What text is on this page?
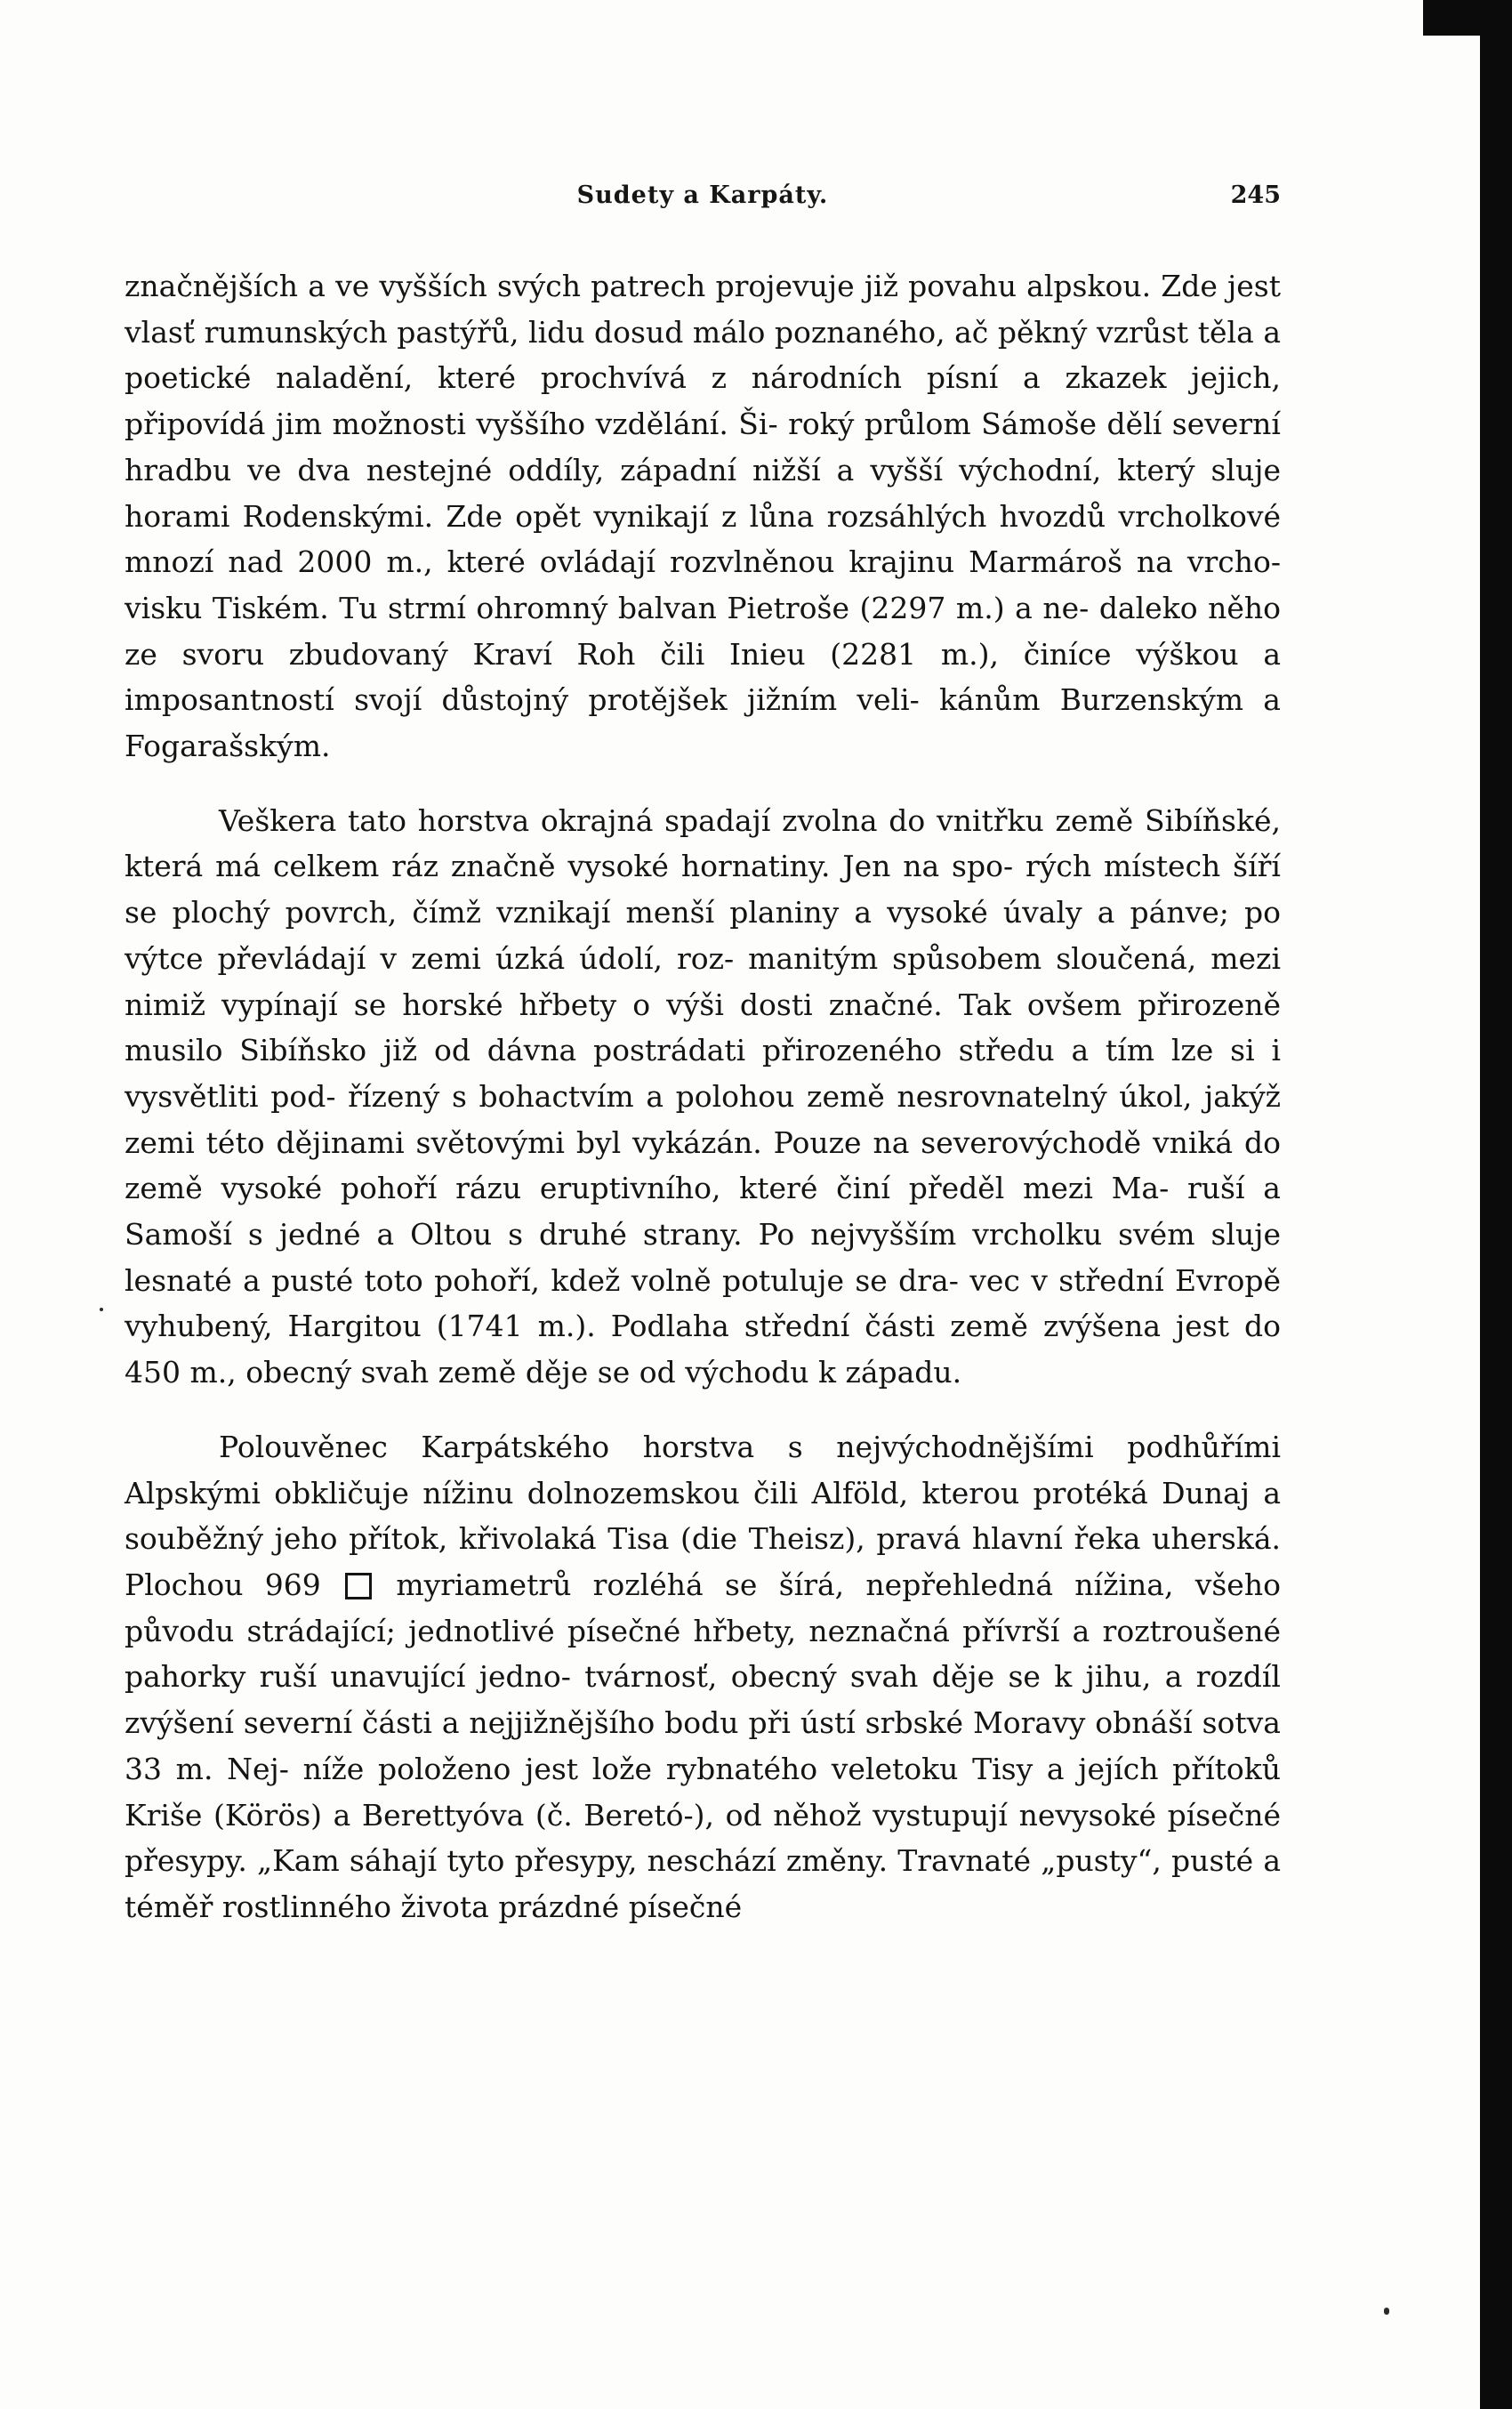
Sudety a Karpáty.	245

značnějších a ve vyšších svých patrech projevuje již povahu alpskou. Zde jest vlasť rumunských pastýřů, lidu dosud málo poznaného, ač pěkný vzrůst těla a poetické naladění, které prochvívá z národních písní a zkazek jejich, připovídá jim možnosti vyššího vzdělání. Ši- roký průlom Sámoše dělí severní hradbu ve dva nestejné oddíly, západní nižší a vyšší východní, který sluje horami Rodenskými. Zde opět vynikají z lůna rozsáhlých hvozdů vrcholkové mnozí nad 2000 m., které ovládají rozvlněnou krajinu Marmároš na vrcho- visku Tiském. Tu strmí ohromný balvan Pietroše (2297 m.) a ne- daleko něho ze svoru zbudovaný Kraví Roh čili Inieu (2281 m.), činíce výškou a imposantností svojí důstojný protějšek jižním veli- kánům Burzenským a Fogarašským.

Veškera tato horstva okrajná spadají zvolna do vnitřku země Sibíňské, která má celkem ráz značně vysoké hornatiny. Jen na spo- rých místech šíří se plochý povrch, čímž vznikají menší planiny a vysoké úvaly a pánve; po výtce převládají v zemi úzká údolí, roz- manitým spůsobem sloučená, mezi nimiž vypínají se horské hřbety o výši dosti značné. Tak ovšem přirozeně musilo Sibíňsko již od dávna postrádati přirozeného středu a tím lze si i vysvětliti pod- řízený s bohactvím a polohou země nesrovnatelný úkol, jakýž zemi této dějinami světovými byl vykázán. Pouze na severovýchodě vniká do země vysoké pohoří rázu eruptivního, které činí předěl mezi Ma- ruší a Samoší s jedné a Oltou s druhé strany. Po nejvyšším vrcholku svém sluje lesnaté a pusté toto pohoří, kdež volně potuluje se dra- vec v střední Evropě vyhubený, Hargitou (1741 m.). Podlaha střední části země zvýšena jest do 450 m., obecný svah země děje se od východu k západu.

Polouvěnec Karpátského horstva s nejvýchodnějšími podhůřími Alpskými obkličuje nížinu dolnozemskou čili Alföld, kterou protéká Dunaj a souběžný jeho přítok, křivolaká Tisa (die Theisz), pravá hlavní řeka uherská. Plochou 969	myriametrů rozléhá se šírá, nepřehledná nížina, všeho původu strádající; jednotlivé písečné hřbety, neznačná přívrší a roztroušené pahorky ruší unavující jedno- tvárnosť, obecný svah děje se k jihu, a rozdíl zvýšení severní části a nejjižnějšího bodu při ústí srbské Moravy obnáší sotva 33 m. Nej- níže položeno jest lože rybnatého veletoku Tisy a jejích přítoků Kriše (Körös) a Berettyóva (č. Beretó-), od něhož vystupují nevysoké písečné přesypy. „Kam sáhají tyto přesypy, neschází změny. Travnaté „pusty“, pusté a téměř rostlinného života prázdné písečné
